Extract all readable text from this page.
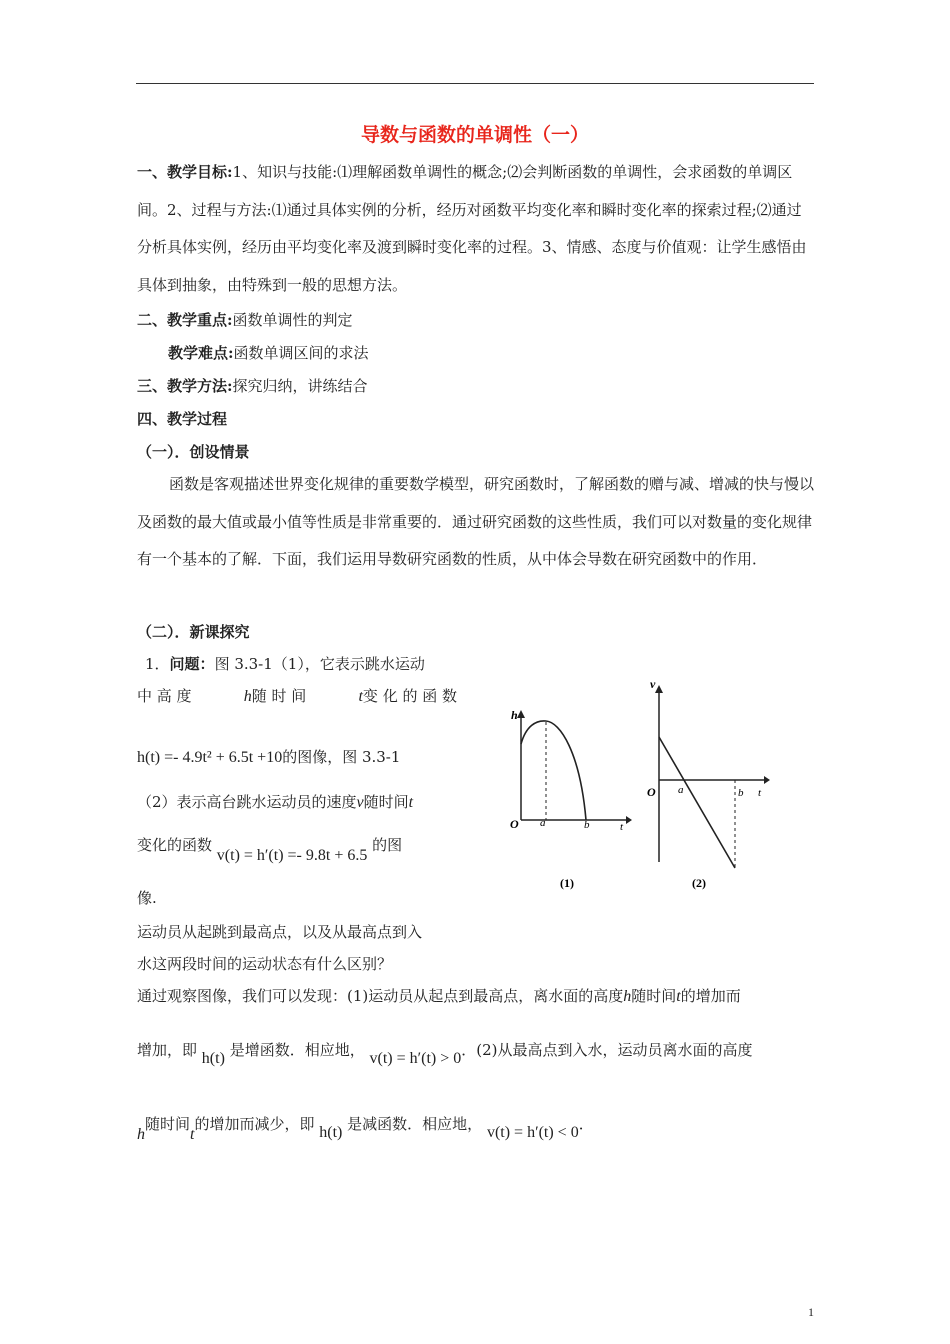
导数与函数的单调性（一）
一、教学目标:1、知识与技能:⑴理解函数单调性的概念;⑵会判断函数的单调性，会求函数的单调区间。2、过程与方法:⑴通过具体实例的分析，经历对函数平均变化率和瞬时变化率的探索过程;⑵通过分析具体实例，经历由平均变化率及渡到瞬时变化率的过程。3、情感、态度与价值观：让学生感悟由具体到抽象，由特殊到一般的思想方法。
二、教学重点:函数单调性的判定
教学难点:函数单调区间的求法
三、教学方法:探究归纳，讲练结合
四、教学过程
（一）．创设情景
函数是客观描述世界变化规律的重要数学模型，研究函数时，了解函数的赠与减、增减的快与慢以及函数的最大值或最小值等性质是非常重要的．通过研究函数的这些性质，我们可以对数量的变化规律有一个基本的了解．下面，我们运用导数研究函数的性质，从中体会导数在研究函数中的作用．
（二）．新课探究
1．问题：图 3.3-1（1），它表示跳水运动
中 高 度	h随 时 间	t变 化 的 函 数
h(t) =- 4.9t² + 6.5t +10的图像，图 3.3-1
（2）表示高台跳水运动员的速度v随时间t
变化的函数 v(t) = h′(t) =- 9.8t + 6.5 的图
像.
运动员从起跳到最高点，以及从最高点到入
水这两段时间的运动状态有什么区别？
通过观察图像，我们可以发现：(1)运动员从起点到最高点，离水面的高度h随时间t的增加而
增加，即 h(t) 是增函数．相应地， v(t) = h′(t) > 0．(2)从最高点到入水，运动员离水面的高度
h随时间t的增加而减少，即 h(t) 是减函数．相应地， v(t) = h′(t) < 0．
h
O a	b	t
(1)
v
O a	b t
(2)
1
